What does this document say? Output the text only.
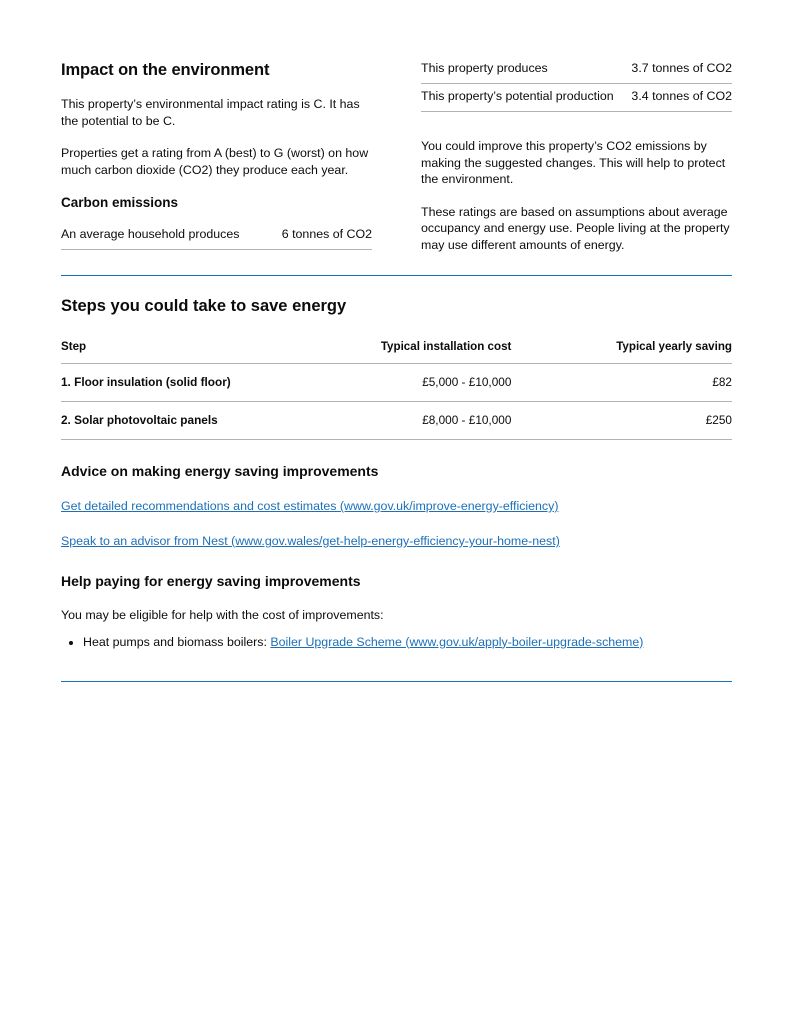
Impact on the environment

This property’s environmental impact rating is C. It has the potential to be C.

Properties get a rating from A (best) to G (worst) on how much carbon dioxide (CO2) they produce each year.

Carbon emissions
An average household produces	6 tonnes of CO2
This property produces	3.7 tonnes of CO2
This property’s potential production	3.4 tonnes of CO2

You could improve this property’s CO2 emissions by making the suggested changes. This will help to protect the environment.

These ratings are based on assumptions about average occupancy and energy use. People living at the property may use different amounts of energy.

Steps you could take to save energy
Step	Typical installation cost	Typical yearly saving
1. Floor insulation (solid floor)	£5,000 - £10,000	£82
2. Solar photovoltaic panels	£8,000 - £10,000	£250
Advice on making energy saving improvements
Get detailed recommendations and cost estimates (www.gov.uk/improve-energy-efficiency)
Speak to an advisor from Nest (www.gov.wales/get-help-energy-efficiency-your-home-nest)
Help paying for energy saving improvements

You may be eligible for help with the cost of improvements:

• Heat pumps and biomass boilers: Boiler Upgrade Scheme (www.gov.uk/apply-boiler-upgrade-scheme)
